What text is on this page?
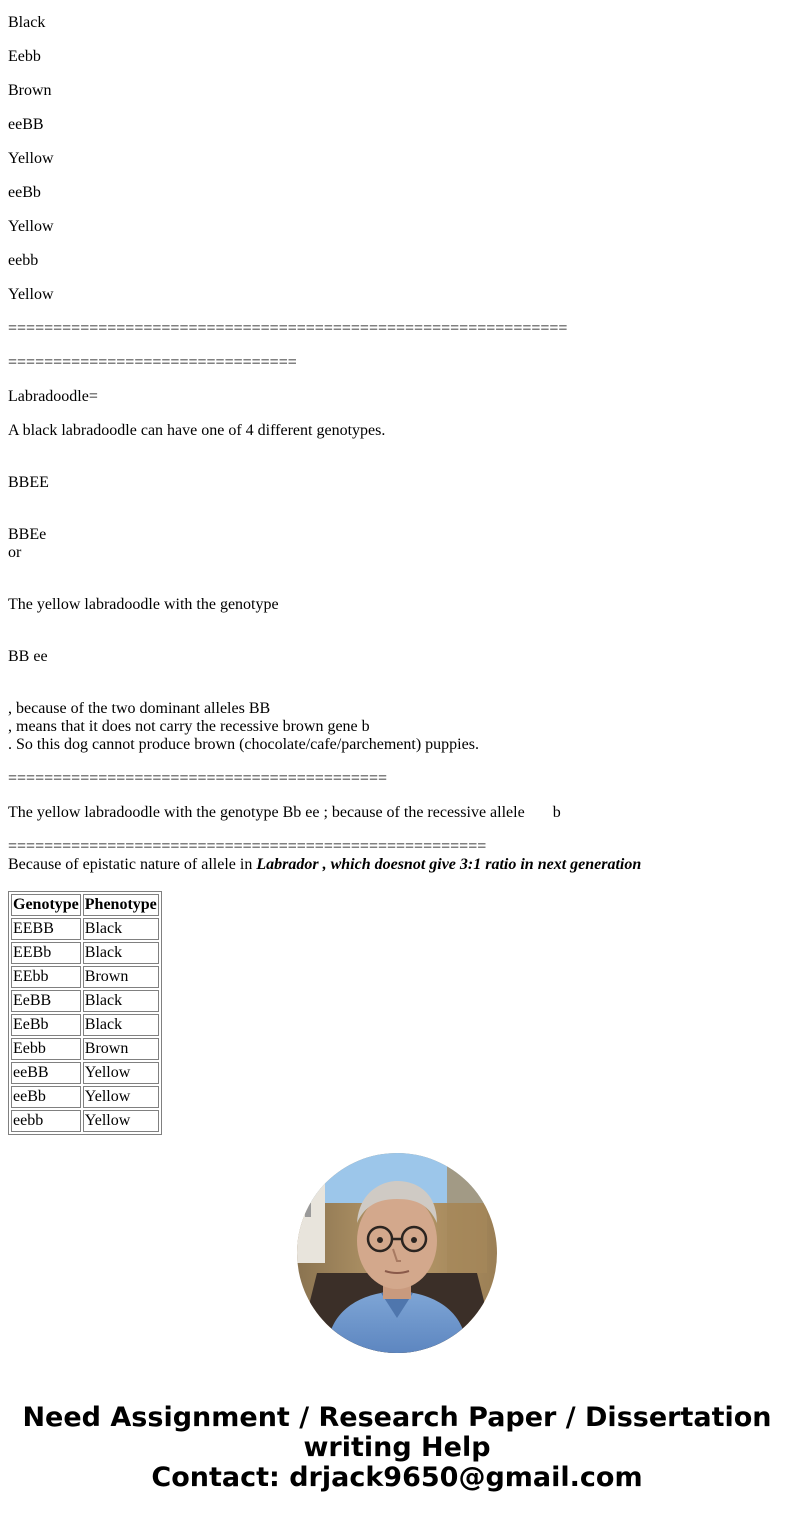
Black

Eebb

Brown

eeBB

Yellow

eeBb

Yellow

eebb

Yellow

==============================================================

================================

Labradoodle=

A black labradoodle can have one of 4 different genotypes.

BBEE

BBEe

or

The yellow labradoodle with the genotype

BB ee

, because of the two dominant alleles BB

, means that it does not carry the recessive brown gene b

. So this dog cannot produce brown (chocolate/cafe/parchement) puppies.

==========================================

The yellow labradoodle with the genotype Bb ee ; because of the recessive allele       b

=====================================================

Because of epistatic nature of allele in Labrador , which doesnot give 3:1 ratio in next generation

Genotype	Phenotype
EEBB	Black
EEBb	Black
EEbb	Brown
EeBB	Black
EeBb	Black
Eebb	Brown
eeBB	Yellow
eeBb	Yellow
eebb	Yellow
Need Assignment / Research Paper / Dissertation
writing Help
Contact: drjack9650@gmail.com
